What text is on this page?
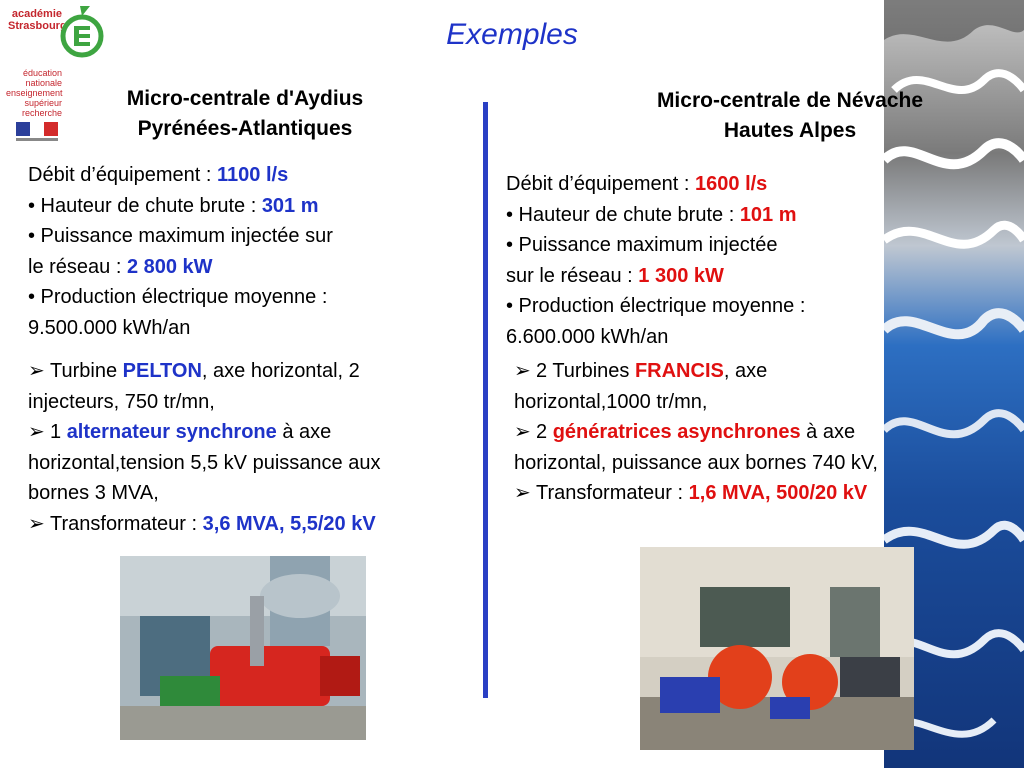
académie
Strasbourg
éducation
nationale
enseignement
supérieur
recherche
Exemples
Micro-centrale d'Aydius
Pyrénées-Atlantiques
Micro-centrale de Névache
Hautes Alpes
Débit d’équipement : 1100 l/s
• Hauteur de chute brute : 301 m
• Puissance maximum injectée sur
le réseau : 2 800 kW
• Production électrique moyenne :
9.500.000 kWh/an
➢ Turbine PELTON, axe horizontal, 2
injecteurs, 750 tr/mn,
➢ 1 alternateur synchrone à axe
horizontal,tension 5,5 kV puissance aux
bornes 3 MVA,
➢ Transformateur : 3,6 MVA, 5,5/20 kV
Débit d’équipement : 1600 l/s
• Hauteur de chute brute : 101 m
• Puissance maximum injectée
sur le réseau : 1 300 kW
• Production électrique moyenne :
6.600.000 kWh/an
➢ 2 Turbines FRANCIS, axe
horizontal,1000 tr/mn,
➢ 2 génératrices asynchrones à axe
horizontal, puissance aux bornes 740 kV,
➢ Transformateur : 1,6 MVA, 500/20 kV
